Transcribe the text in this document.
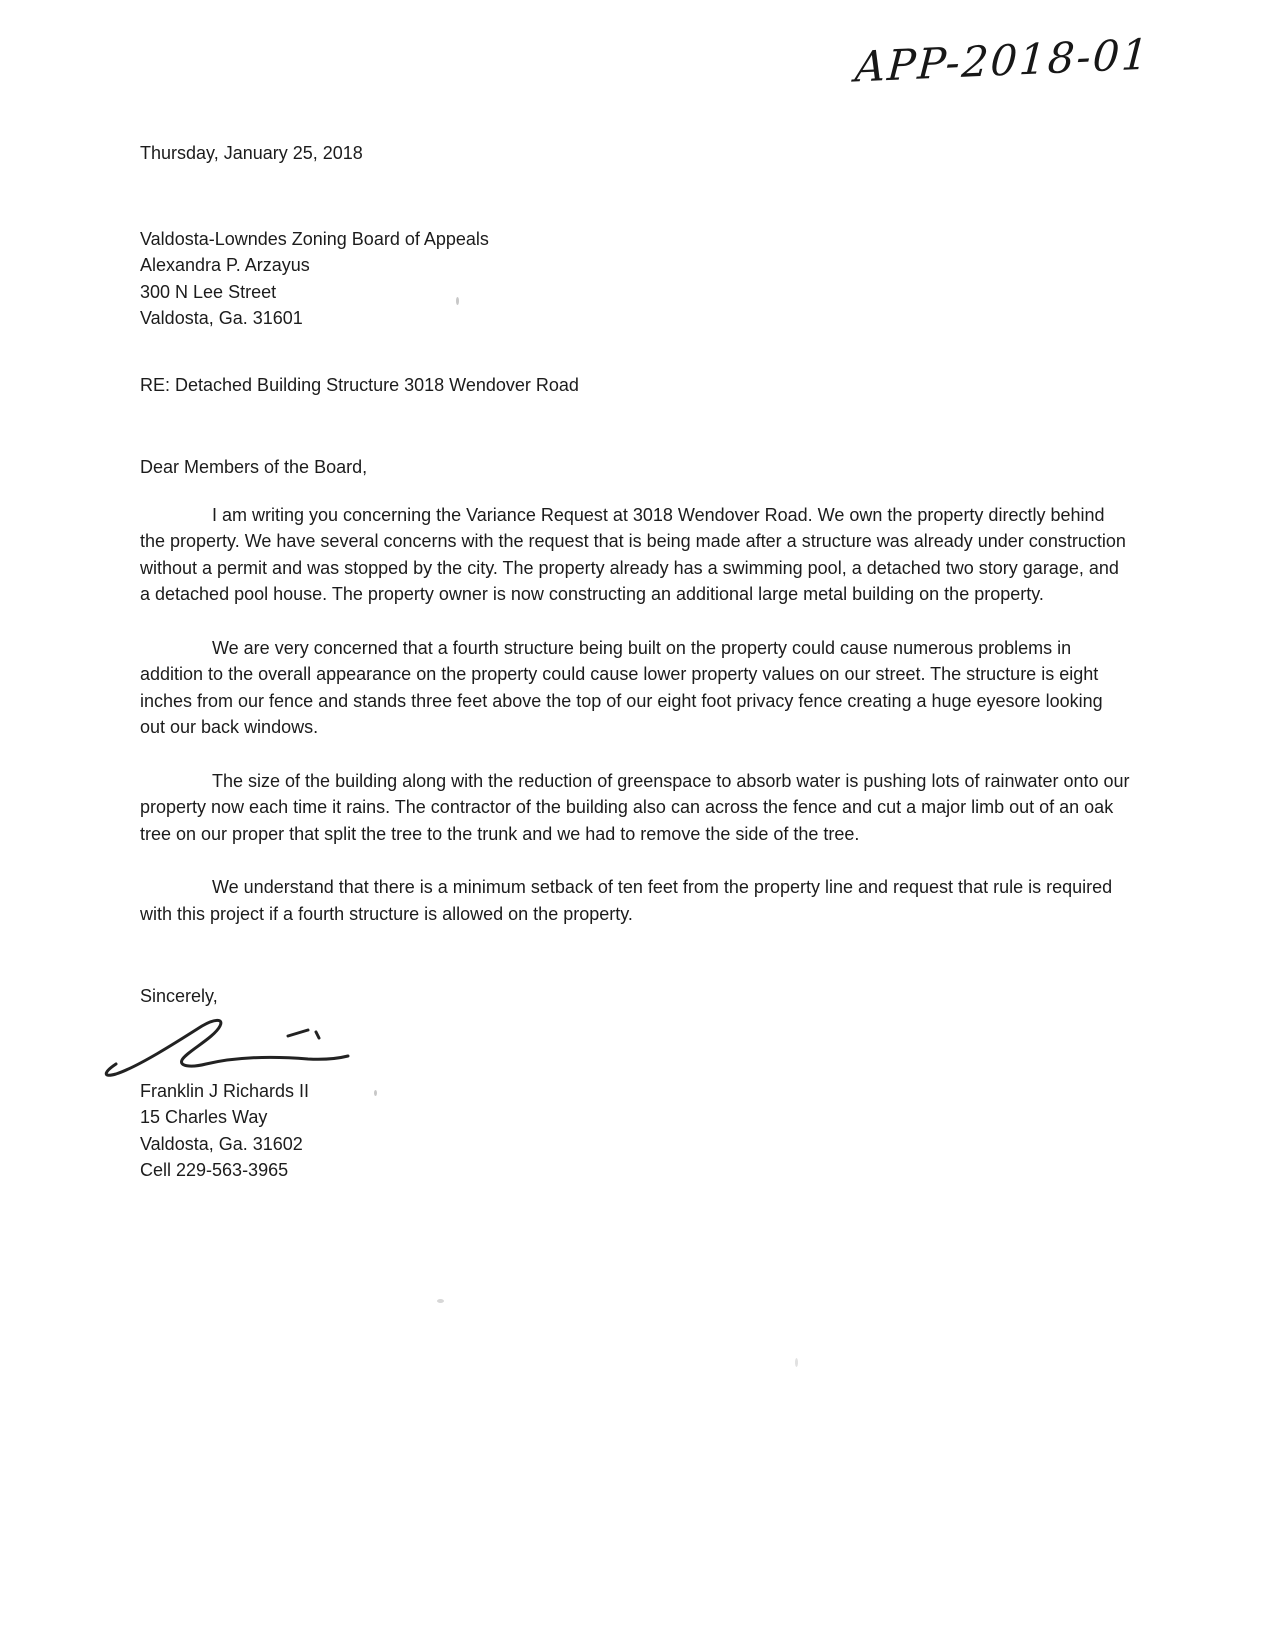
APP-2018-01
Thursday, January 25, 2018
Valdosta-Lowndes Zoning Board of Appeals
Alexandra P. Arzayus
300 N Lee Street
Valdosta, Ga. 31601
RE: Detached Building Structure 3018 Wendover Road
Dear Members of the Board,

I am writing you concerning the Variance Request at 3018 Wendover Road. We own the property directly behind the property. We have several concerns with the request that is being made after a structure was already under construction without a permit and was stopped by the city. The property already has a swimming pool, a detached two story garage, and a detached pool house. The property owner is now constructing an additional large metal building on the property.

We are very concerned that a fourth structure being built on the property could cause numerous problems in addition to the overall appearance on the property could cause lower property values on our street. The structure is eight inches from our fence and stands three feet above the top of our eight foot privacy fence creating a huge eyesore looking out our back windows.

The size of the building along with the reduction of greenspace to absorb water is pushing lots of rainwater onto our property now each time it rains. The contractor of the building also can across the fence and cut a major limb out of an oak tree on our proper that split the tree to the trunk and we had to remove the side of the tree.

We understand that there is a minimum setback of ten feet from the property line and request that rule is required with this project if a fourth structure is allowed on the property.

Sincerely,
Franklin J Richards II
15 Charles Way
Valdosta, Ga. 31602
Cell 229-563-3965
